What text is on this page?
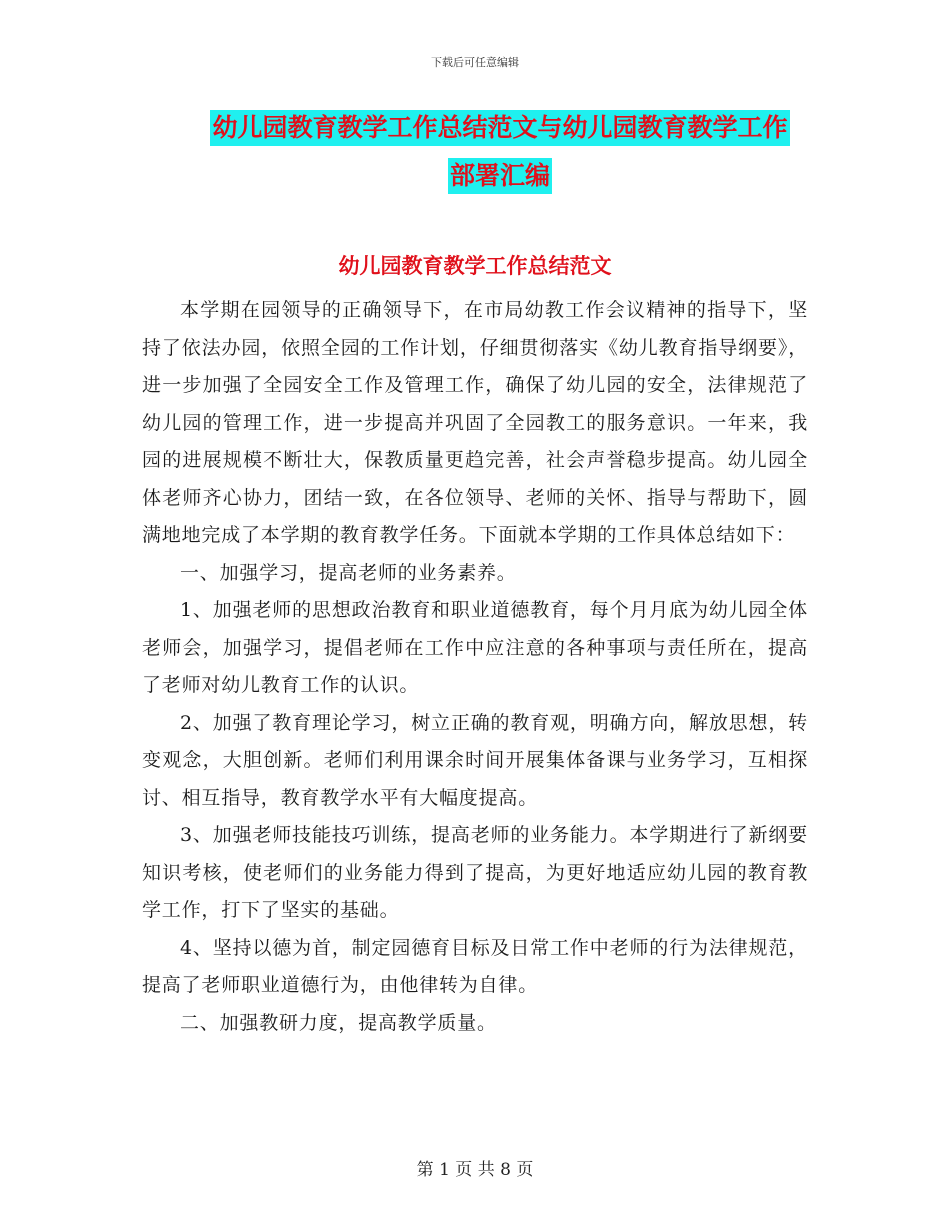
下载后可任意编辑
幼儿园教育教学工作总结范文与幼儿园教育教学工作
部署汇编
幼儿园教育教学工作总结范文

本学期在园领导的正确领导下，在市局幼教工作会议精神的指导下，坚持了依法办园，依照全园的工作计划，仔细贯彻落实《幼儿教育指导纲要》，进一步加强了全园安全工作及管理工作，确保了幼儿园的安全，法律规范了幼儿园的管理工作，进一步提高并巩固了全园教工的服务意识。一年来，我园的进展规模不断壮大，保教质量更趋完善，社会声誉稳步提高。幼儿园全体老师齐心协力，团结一致，在各位领导、老师的关怀、指导与帮助下，圆满地地完成了本学期的教育教学任务。下面就本学期的工作具体总结如下：

一、加强学习，提高老师的业务素养。

1、加强老师的思想政治教育和职业道德教育，每个月月底为幼儿园全体老师会，加强学习，提倡老师在工作中应注意的各种事项与责任所在，提高了老师对幼儿教育工作的认识。

2、加强了教育理论学习，树立正确的教育观，明确方向，解放思想，转变观念，大胆创新。老师们利用课余时间开展集体备课与业务学习，互相探讨、相互指导，教育教学水平有大幅度提高。

3、加强老师技能技巧训练，提高老师的业务能力。本学期进行了新纲要知识考核，使老师们的业务能力得到了提高，为更好地适应幼儿园的教育教学工作，打下了坚实的基础。

4、坚持以德为首，制定园德育目标及日常工作中老师的行为法律规范，提高了老师职业道德行为，由他律转为自律。

二、加强教研力度，提高教学质量。

第 1 页 共 8 页
